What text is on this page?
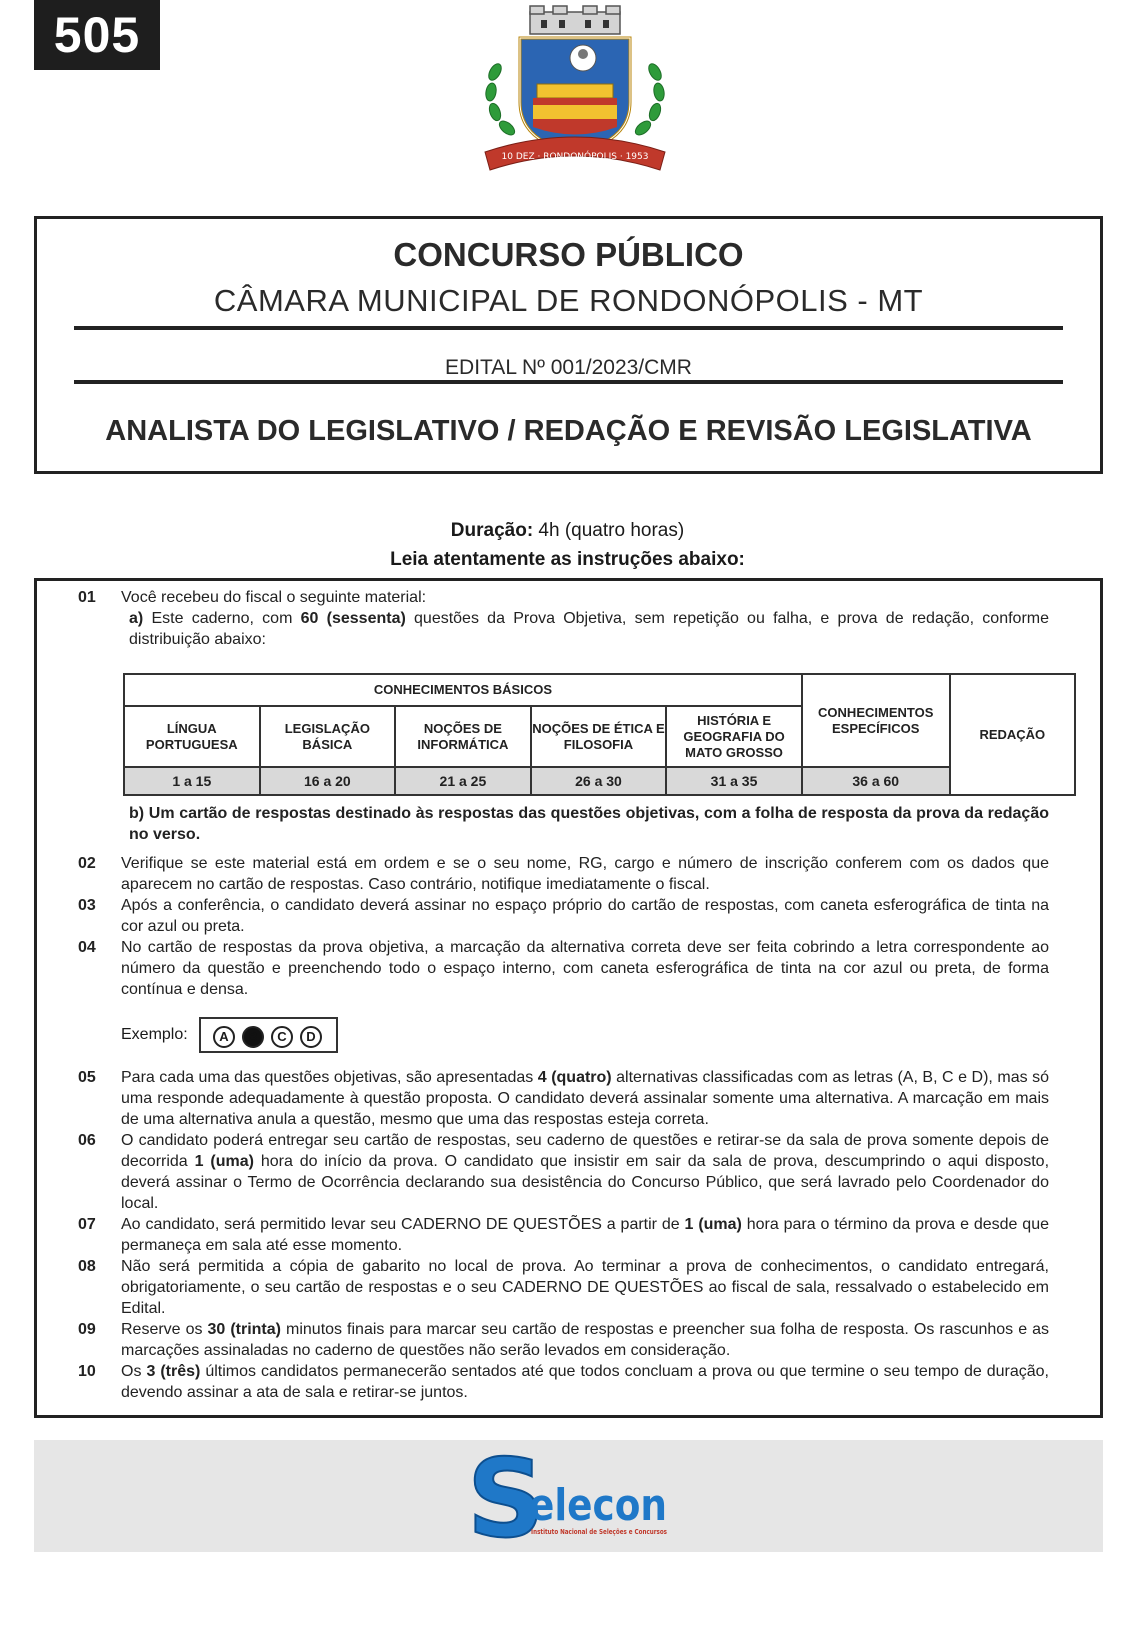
505
10 DEZ · RONDONÓPOLIS · 1953
CONCURSO PÚBLICO
CÂMARA MUNICIPAL DE RONDONÓPOLIS - MT
EDITAL Nº 001/2023/CMR
ANALISTA DO LEGISLATIVO / REDAÇÃO E REVISÃO LEGISLATIVA
Duração: 4h (quatro horas)
Leia atentamente as instruções abaixo:
01	Você recebeu do fiscal o seguinte material:
a) Este caderno, com 60 (sessenta) questões da Prova Objetiva, sem repetição ou falha, e prova de redação, conforme distribuição abaixo:
CONHECIMENTOS BÁSICOS					CONHECIMENTOS ESPECÍFICOS	REDAÇÃO
LÍNGUA PORTUGUESA	LEGISLAÇÃO BÁSICA	NOÇÕES DE INFORMÁTICA	NOÇÕES DE ÉTICA E FILOSOFIA	HISTÓRIA E GEOGRAFIA DO MATO GROSSO		
1 a 15	16 a 20	21 a 25	26 a 30	31 a 35	36 a 60	
b) Um cartão de respostas destinado às respostas das questões objetivas, com a folha de resposta da prova da redação no verso.
02	Verifique se este material está em ordem e se o seu nome, RG, cargo e número de inscrição conferem com os dados que aparecem no cartão de respostas. Caso contrário, notifique imediatamente o fiscal.
03	Após a conferência, o candidato deverá assinar no espaço próprio do cartão de respostas, com caneta esferográfica de tinta na cor azul ou preta.
04	No cartão de respostas da prova objetiva, a marcação da alternativa correta deve ser feita cobrindo a letra correspondente ao número da questão e preenchendo todo o espaço interno, com caneta esferográfica de tinta na cor azul ou preta, de forma contínua e densa.
Exemplo:	A	B	C	D
05	Para cada uma das questões objetivas, são apresentadas 4 (quatro) alternativas classificadas com as letras (A, B, C e D), mas só uma responde adequadamente à questão proposta. O candidato deverá assinalar somente uma alternativa. A marcação em mais de uma alternativa anula a questão, mesmo que uma das respostas esteja correta.
06	O candidato poderá entregar seu cartão de respostas, seu caderno de questões e retirar-se da sala de prova somente depois de decorrida 1 (uma) hora do início da prova. O candidato que insistir em sair da sala de prova, descumprindo o aqui disposto, deverá assinar o Termo de Ocorrência declarando sua desistência do Concurso Público, que será lavrado pelo Coordenador do local.
07	Ao candidato, será permitido levar seu CADERNO DE QUESTÕES a partir de 1 (uma) hora para o término da prova e desde que permaneça em sala até esse momento.
08	Não será permitida a cópia de gabarito no local de prova. Ao terminar a prova de conhecimentos, o candidato entregará, obrigatoriamente, o seu cartão de respostas e o seu CADERNO DE QUESTÕES ao fiscal de sala, ressalvado o estabelecido em Edital.
09	Reserve os 30 (trinta) minutos finais para marcar seu cartão de respostas e preencher sua folha de resposta. Os rascunhos e as marcações assinaladas no caderno de questões não serão levados em consideração.
10	Os 3 (três) últimos candidatos permanecerão sentados até que todos concluam a prova ou que termine o seu tempo de duração, devendo assinar a ata de sala e retirar-se juntos.
S
elecon
Instituto Nacional de Seleções e Concursos
